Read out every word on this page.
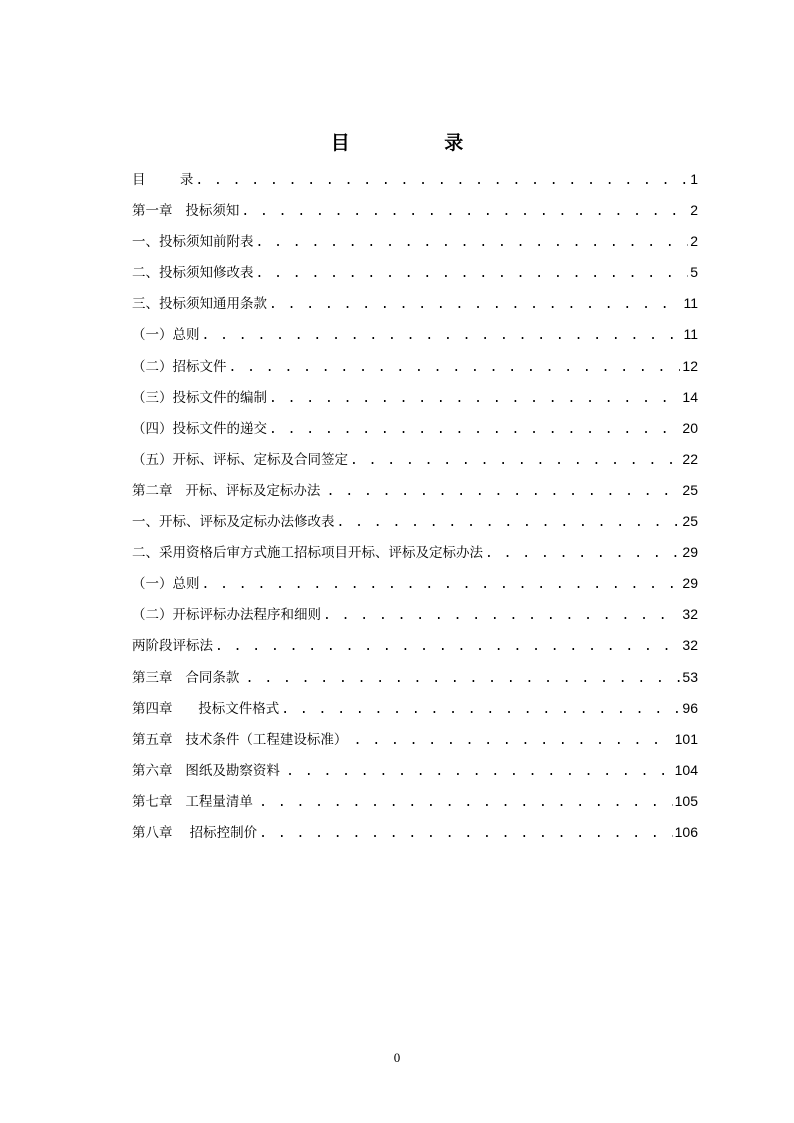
目 录
目        录 . . .	1
第一章   投标须知 . . .	2
一、投标须知前附表 . . .	2
二、投标须知修改表 . . .	5
三、投标须知通用条款 . . .	11
（一）总则 . . .	11
（二）招标文件 . . .	12
（三）投标文件的编制 . . .	14
（四）投标文件的递交 . . .	20
（五）开标、评标、定标及合同签定 . . .	22
第二章   开标、评标及定标办法 . . .	25
一、开标、评标及定标办法修改表 . . .	25
二、采用资格后审方式施工招标项目开标、评标及定标办法 . . .	29
（一）总则 . . .	29
（二）开标评标办法程序和细则 . . .	32
两阶段评标法 . . .	32
第三章   合同条款 . . .	53
第四章      投标文件格式 . . .	96
第五章   技术条件（工程建设标准） . . .	101
第六章   图纸及勘察资料 . . .	104
第七章   工程量清单 . . .	105
第八章    招标控制价 . . .	106
0
